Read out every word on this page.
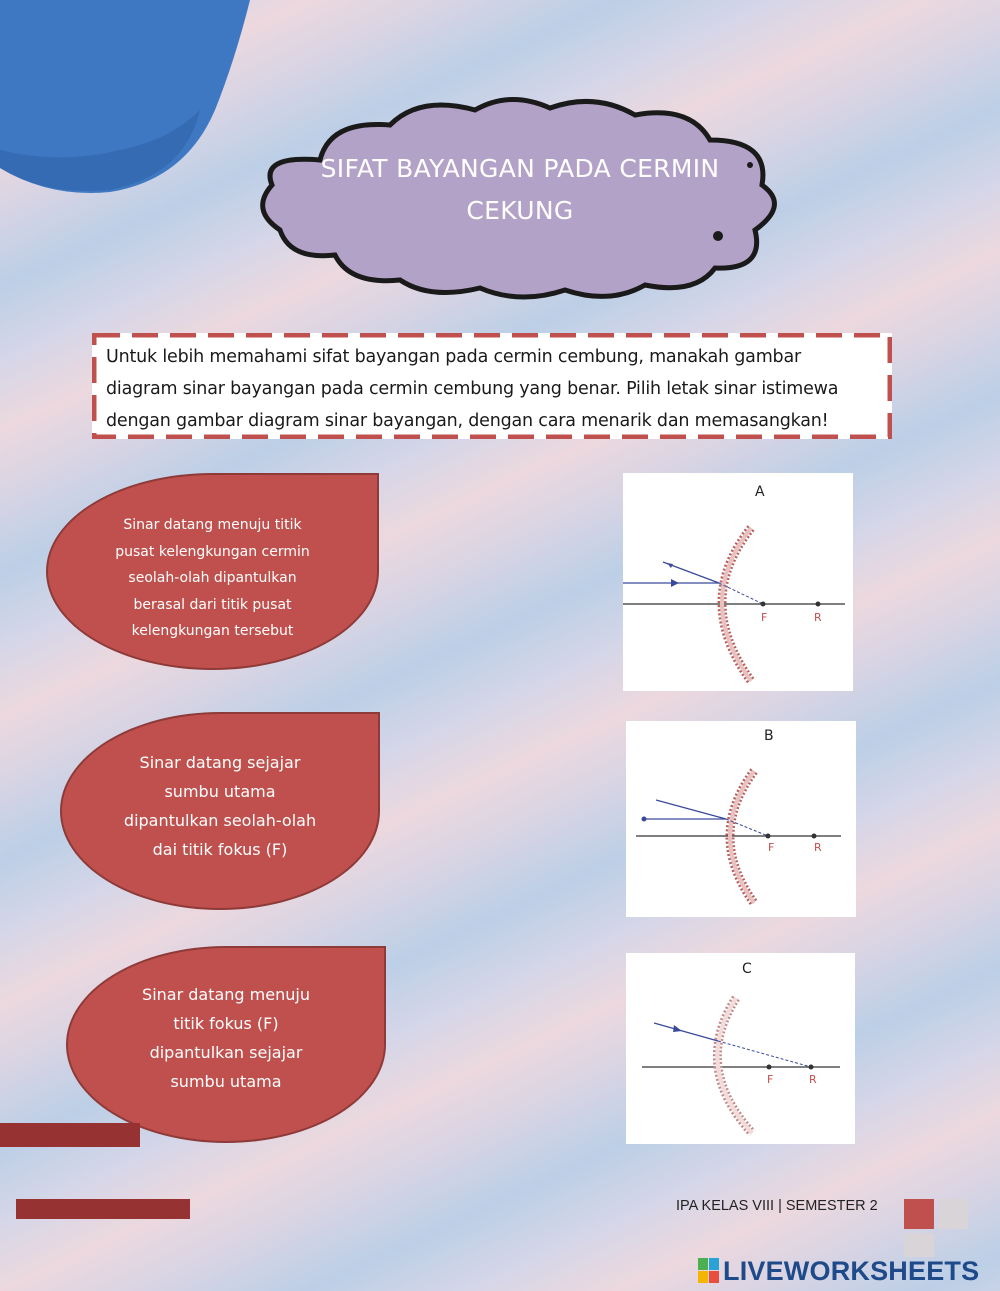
SIFAT BAYANGAN PADA CERMIN
CEKUNG
Untuk lebih memahami sifat bayangan pada cermin cembung, manakah gambar
diagram sinar bayangan pada cermin cembung yang benar. Pilih letak sinar istimewa
dengan gambar diagram sinar bayangan, dengan cara menarik dan memasangkan!
Sinar datang menuju titik
pusat kelengkungan cermin
seolah-olah dipantulkan
berasal dari titik pusat
kelengkungan tersebut
Sinar datang sejajar
sumbu utama
dipantulkan seolah-olah
dai titik fokus (F)
Sinar datang menuju
titik fokus (F)
dipantulkan sejajar
sumbu utama
A
F	R
B
F	R
C
F	R
IPA KELAS VIII | SEMESTER 2
LIVEWORKSHEETS
